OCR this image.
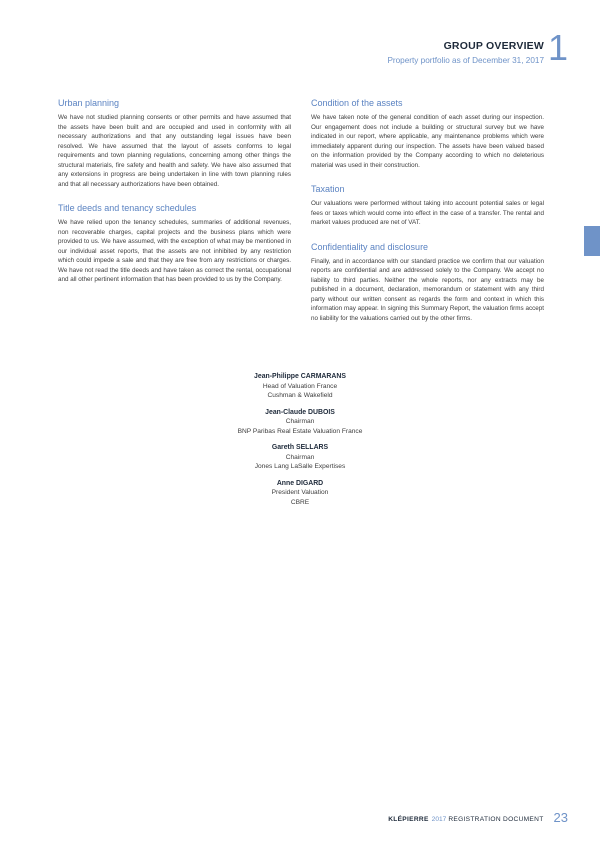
GROUP OVERVIEW
Property portfolio as of December 31, 2017 1
Urban planning

We have not studied planning consents or other permits and have assumed that the assets have been built and are occupied and used in conformity with all necessary authorizations and that any outstanding legal issues have been resolved. We have assumed that the layout of assets conforms to legal requirements and town planning regulations, concerning among other things the structural materials, fire safety and health and safety. We have also assumed that any extensions in progress are being undertaken in line with town planning rules and that all necessary authorizations have been obtained.

Title deeds and tenancy schedules

We have relied upon the tenancy schedules, summaries of additional revenues, non recoverable charges, capital projects and the business plans which were provided to us. We have assumed, with the exception of what may be mentioned in our individual asset reports, that the assets are not inhibited by any restriction which could impede a sale and that they are free from any restrictions or charges. We have not read the title deeds and have taken as correct the rental, occupational and all other pertinent information that has been provided to us by the Company.

Condition of the assets

We have taken note of the general condition of each asset during our inspection. Our engagement does not include a building or structural survey but we have indicated in our report, where applicable, any maintenance problems which were immediately apparent during our inspection. The assets have been valued based on the information provided by the Company according to which no deleterious material was used in their construction.

Taxation

Our valuations were performed without taking into account potential sales or legal fees or taxes which would come into effect in the case of a transfer. The rental and market values produced are net of VAT.

Confidentiality and disclosure

Finally, and in accordance with our standard practice we confirm that our valuation reports are confidential and are addressed solely to the Company. We accept no liability to third parties. Neither the whole reports, nor any extracts may be published in a document, declaration, memorandum or statement with any third party without our written consent as regards the form and context in which this information may appear. In signing this Summary Report, the valuation firms accept no liability for the valuations carried out by the other firms.

Jean-Philippe CARMARANS
Head of Valuation France
Cushman & Wakefield
Jean-Claude DUBOIS
Chairman
BNP Paribas Real Estate Valuation France
Gareth SELLARS
Chairman
Jones Lang LaSalle Expertises
Anne DIGARD
President Valuation
CBRE
KLÉPIERRE 2017 REGISTRATION DOCUMENT 23
